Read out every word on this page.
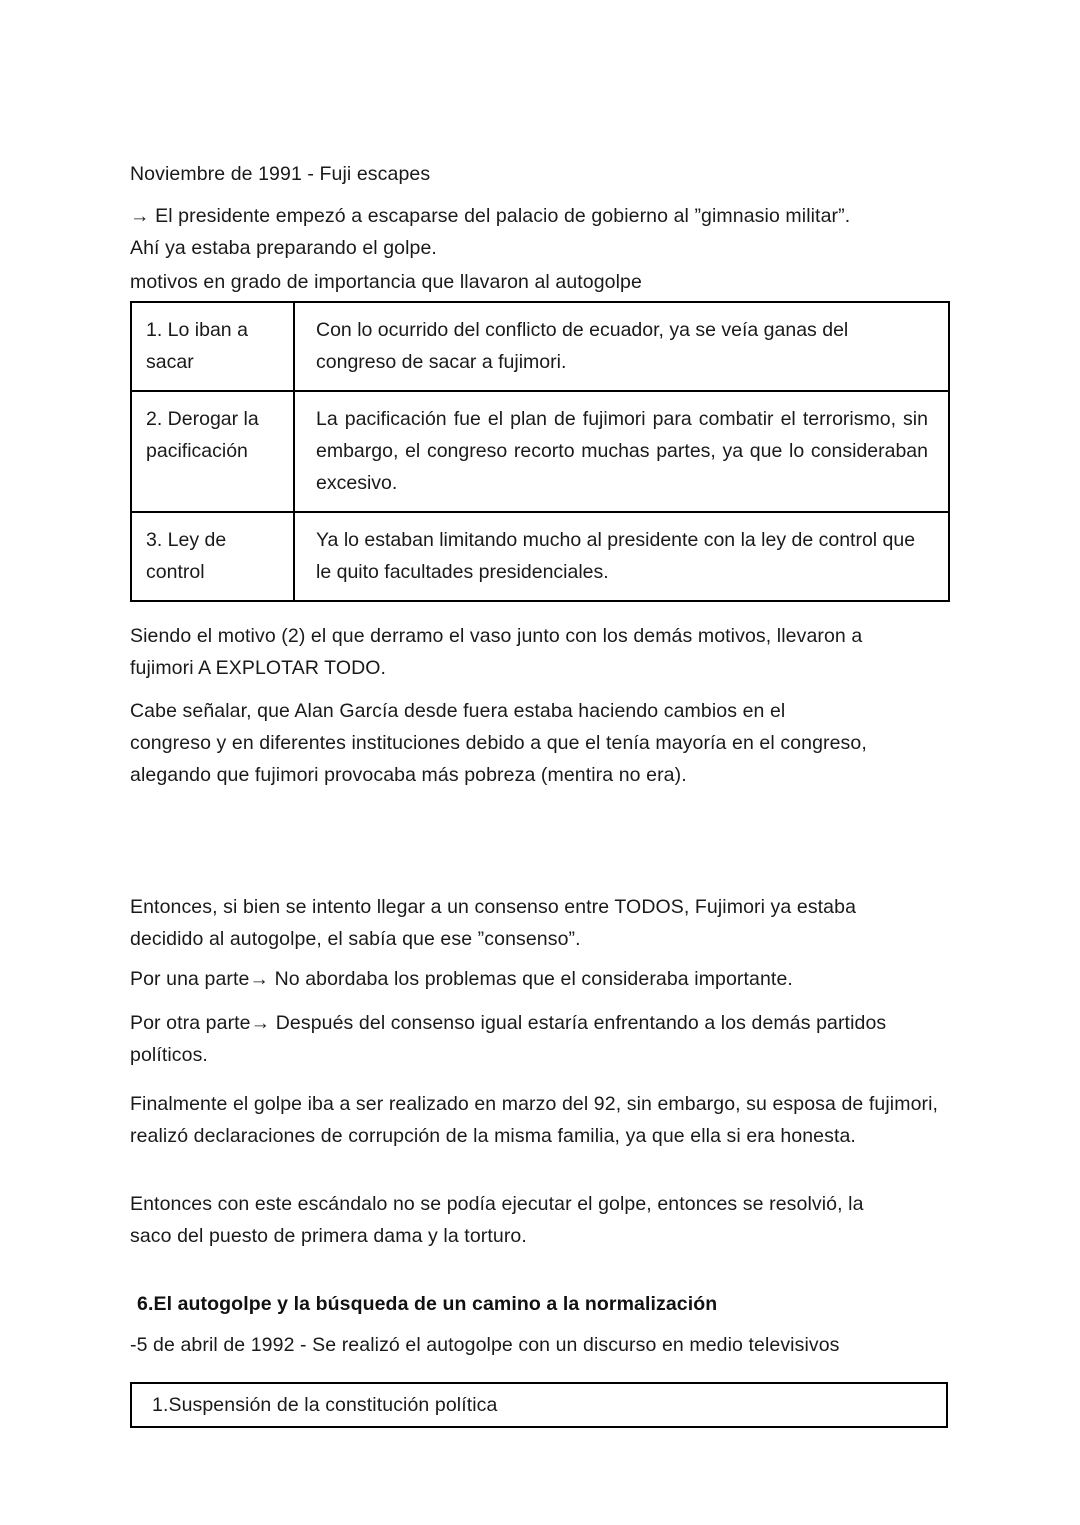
Noviembre de 1991 - Fuji escapes
→ El presidente empezó a escaparse del palacio de gobierno al ”gimnasio militar”. Ahí ya estaba preparando el golpe.
motivos en grado de importancia que llavaron al autogolpe
1. Lo iban a sacar	Con lo ocurrido del conflicto de ecuador, ya se veía ganas del congreso de sacar a fujimori.
2. Derogar la pacificación	La pacificación fue el plan de fujimori para combatir el terrorismo, sin embargo, el congreso recorto muchas partes, ya que lo consideraban excesivo.
3. Ley de control	Ya lo estaban limitando mucho al presidente con la ley de control que le quito facultades presidenciales.
Siendo el motivo (2) el que derramo el vaso junto con los demás motivos, llevaron a fujimori A EXPLOTAR TODO.
Cabe señalar, que Alan García desde fuera estaba haciendo cambios en el congreso y en diferentes instituciones debido a que el tenía mayoría en el congreso, alegando que fujimori provocaba más pobreza (mentira no era).
Entonces, si bien se intento llegar a un consenso entre TODOS, Fujimori ya estaba decidido al autogolpe, el sabía que ese ”consenso”.
Por una parte→ No abordaba los problemas que el consideraba importante.
Por otra parte→ Después del consenso igual estaría enfrentando a los demás partidos políticos.
Finalmente el golpe iba a ser realizado en marzo del 92, sin embargo, su esposa de fujimori, realizó declaraciones de corrupción de la misma familia, ya que ella si era honesta.
Entonces con este escándalo no se podía ejecutar el golpe, entonces se resolvió, la saco del puesto de primera dama y la torturo.
6.El autogolpe y la búsqueda de un camino a la normalización
-5 de abril de 1992 - Se realizó el autogolpe con un discurso en medio televisivos
1.Suspensión de la constitución política
